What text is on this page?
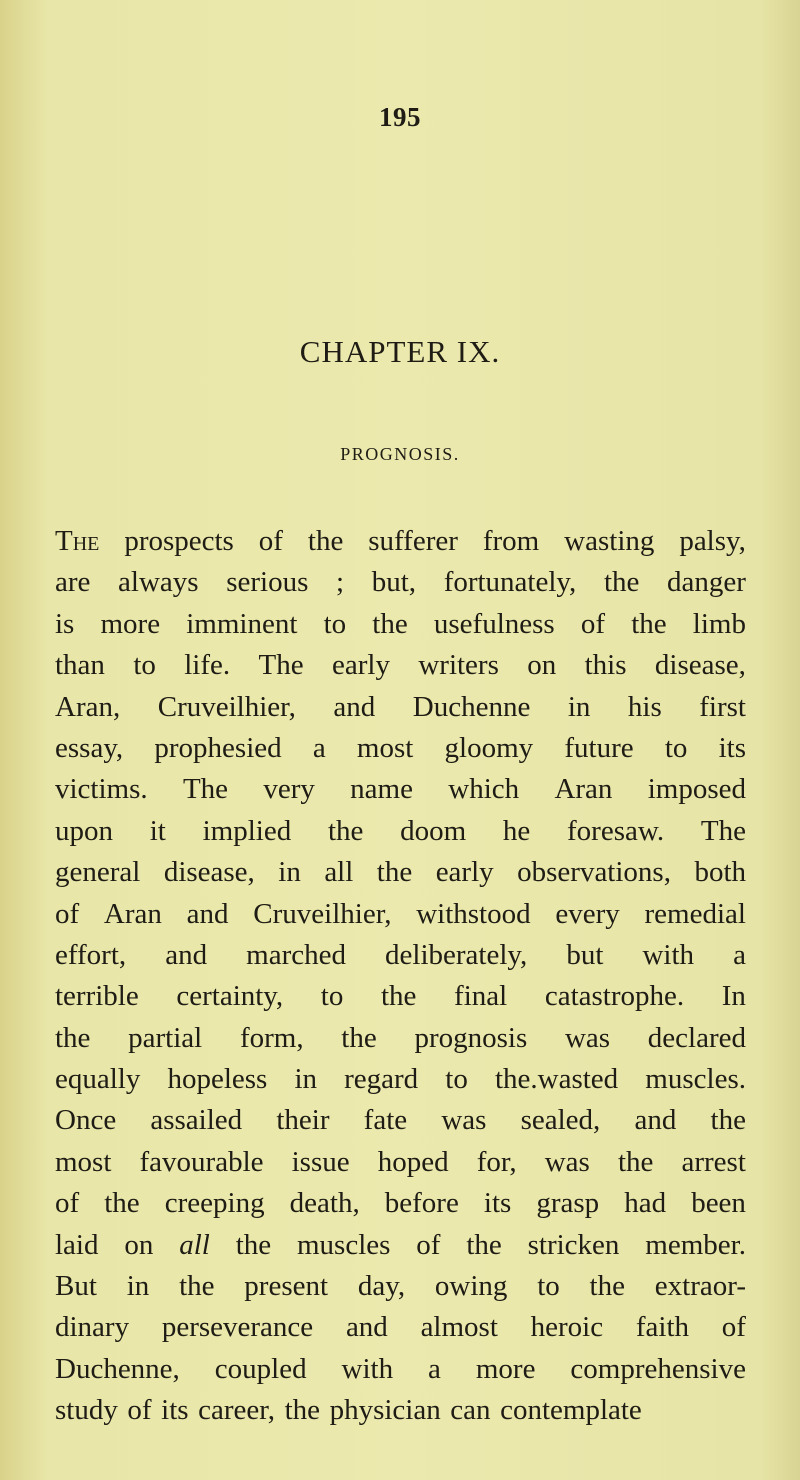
195
CHAPTER IX.
PROGNOSIS.
The prospects of the sufferer from wasting palsy,
are always serious ; but, fortunately, the danger
is more imminent to the usefulness of the limb
than to life. The early writers on this disease,
Aran, Cruveilhier, and Duchenne in his first
essay, prophesied a most gloomy future to its
victims. The very name which Aran imposed
upon it implied the doom he foresaw. The
general disease, in all the early observations, both
of Aran and Cruveilhier, withstood every remedial
effort, and marched deliberately, but with a
terrible certainty, to the final catastrophe. In
the partial form, the prognosis was declared
equally hopeless in regard to the.wasted muscles.
Once assailed their fate was sealed, and the
most favourable issue hoped for, was the arrest
of the creeping death, before its grasp had been
laid on all the muscles of the stricken member.
But in the present day, owing to the extraor-
dinary perseverance and almost heroic faith of
Duchenne, coupled with a more comprehensive
study of its career, the physician can contemplate
